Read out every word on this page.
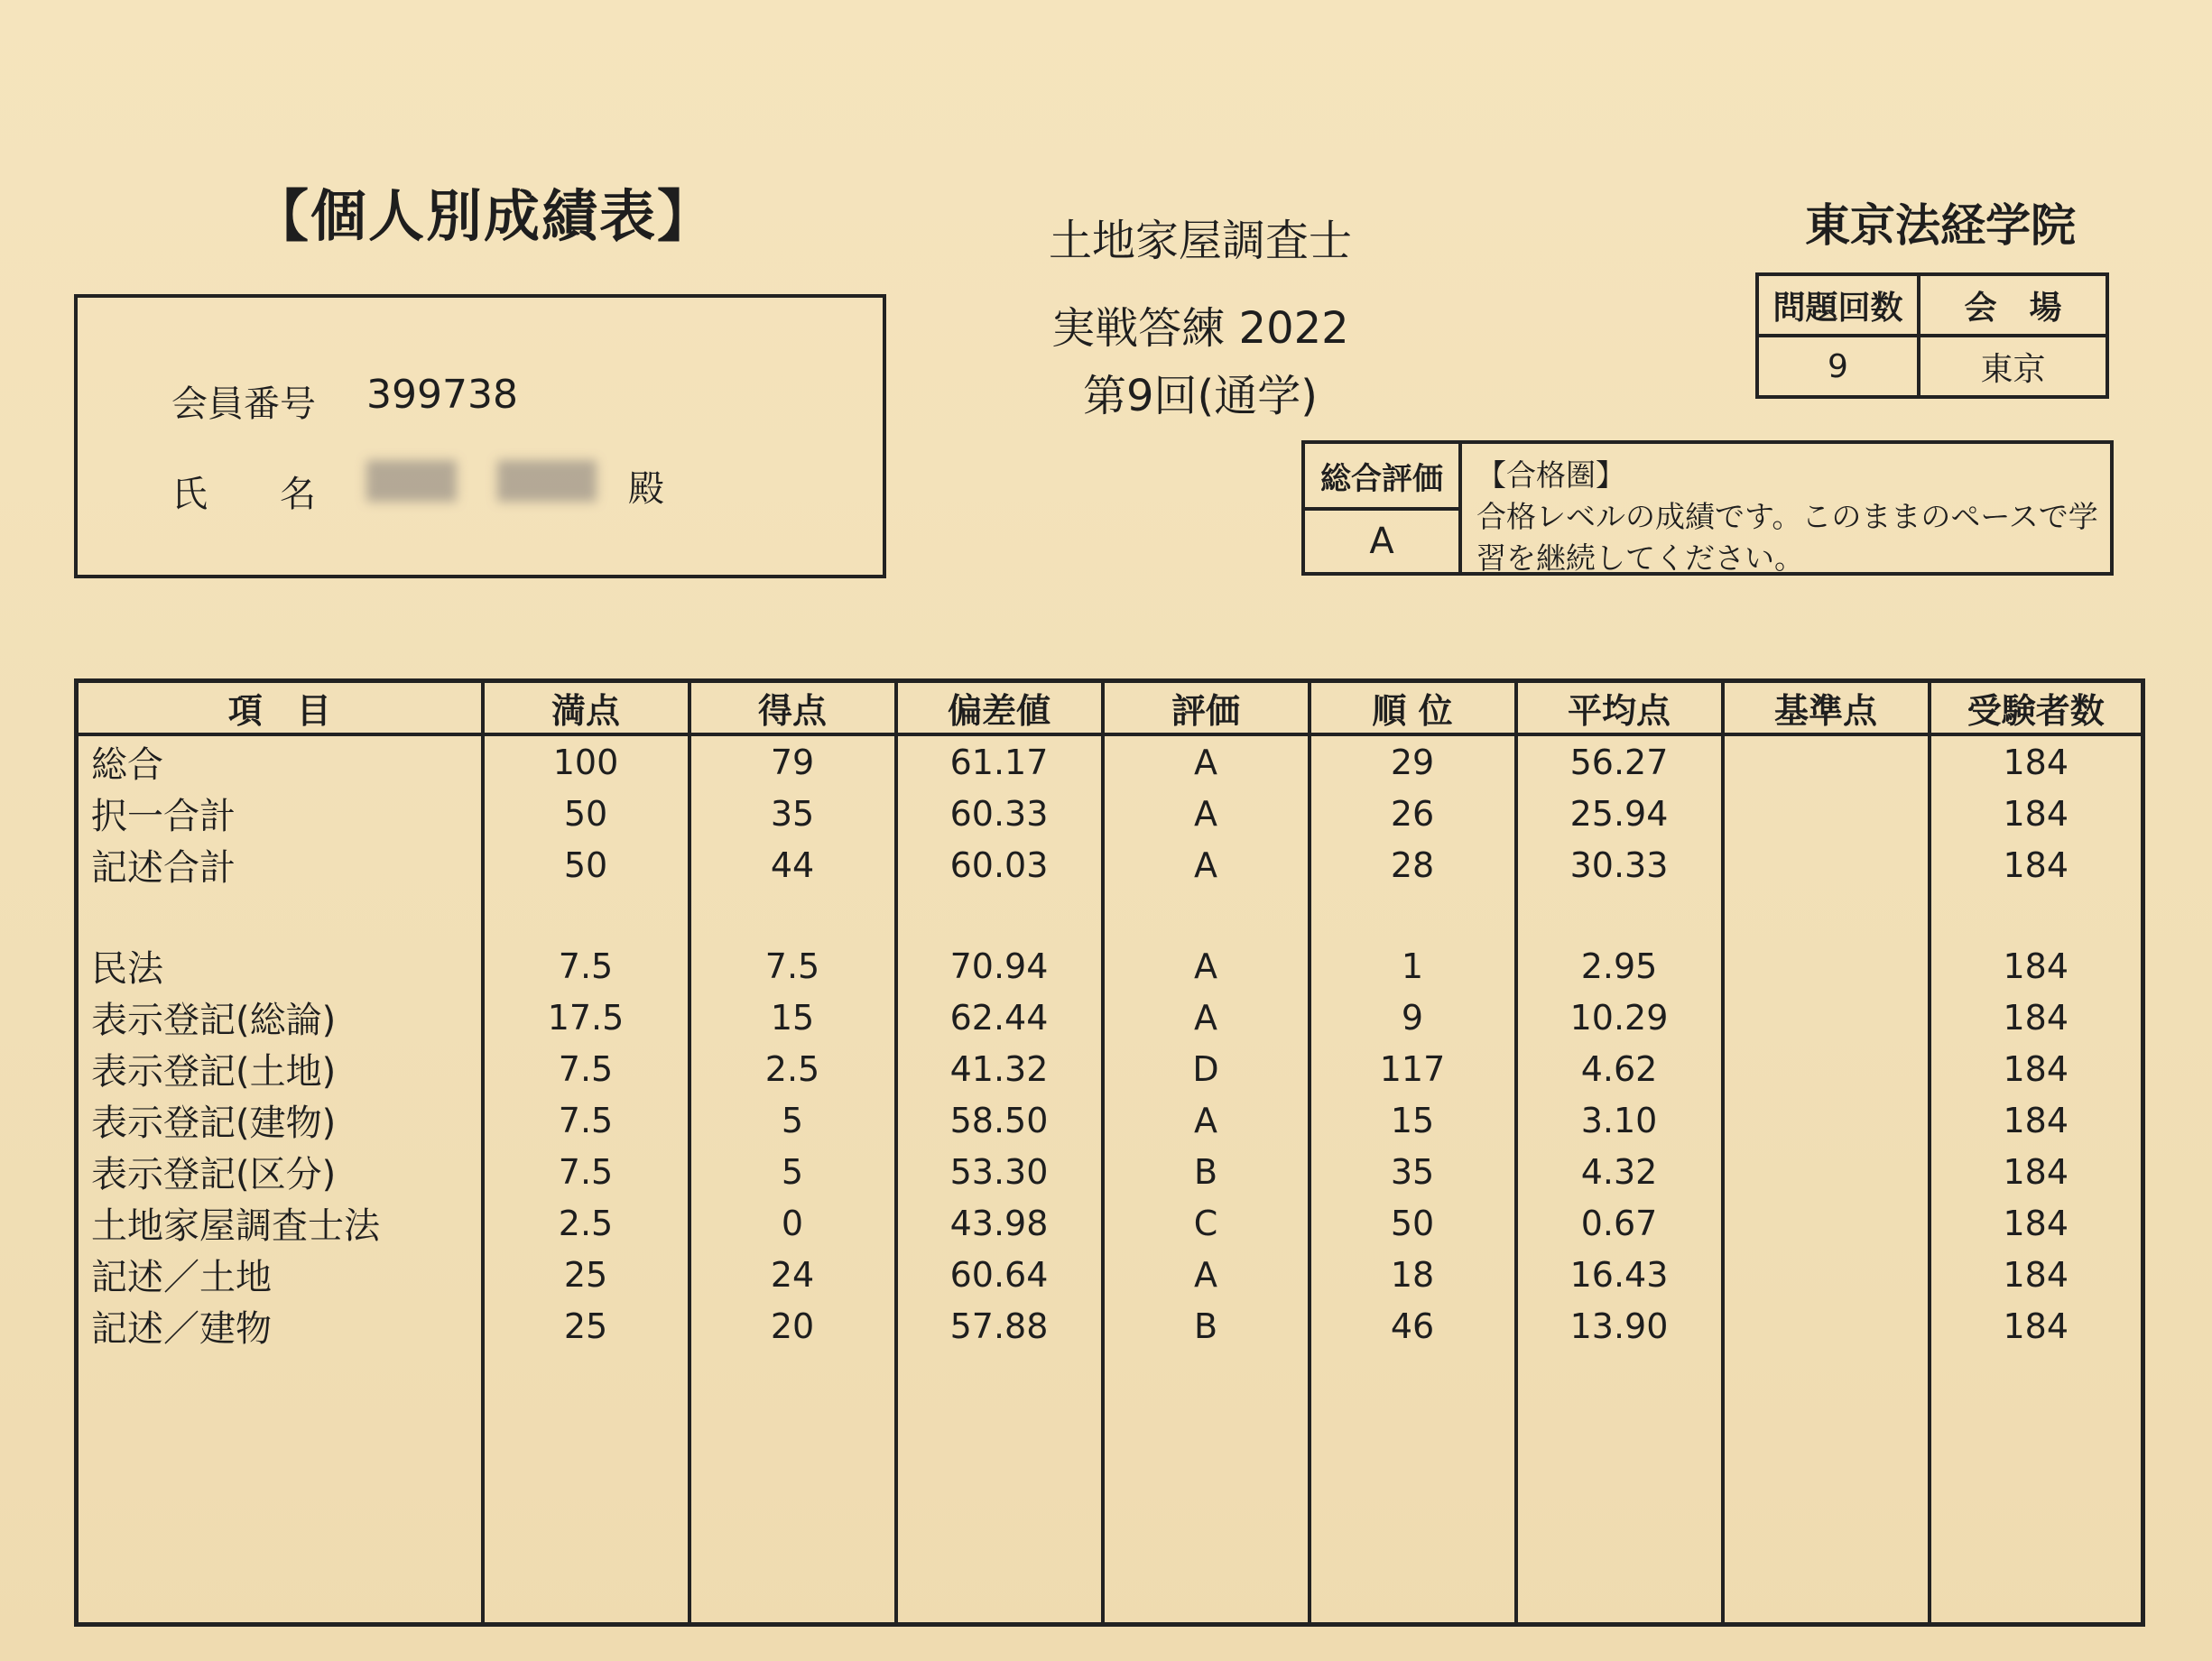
【個人別成績表】	土地家屋調査士
実戦答練 2022
第9回(通学)
東京法経学院
会員番号 399738
氏　　名	殿
問題回数	会　場
9	東京
総合評価
A
【合格圏】
合格レベルの成績です。このままのペースで学習を継続してください。
項　目	満点	得点	偏差値	評価	順 位	平均点	基準点	受験者数
総合	100	79	61.17	A	29	56.27		184
択一合計	50	35	60.33	A	26	25.94		184
記述合計	50	44	60.03	A	28	30.33		184

民法	7.5	7.5	70.94	A	1	2.95		184
表示登記(総論)	17.5	15	62.44	A	9	10.29		184
表示登記(土地)	7.5	2.5	41.32	D	117	4.62		184
表示登記(建物)	7.5	5	58.50	A	15	3.10		184
表示登記(区分)	7.5	5	53.30	B	35	4.32		184
土地家屋調査士法	2.5	0	43.98	C	50	0.67		184
記述／土地	25	24	60.64	A	18	16.43		184
記述／建物	25	20	57.88	B	46	13.90		184
